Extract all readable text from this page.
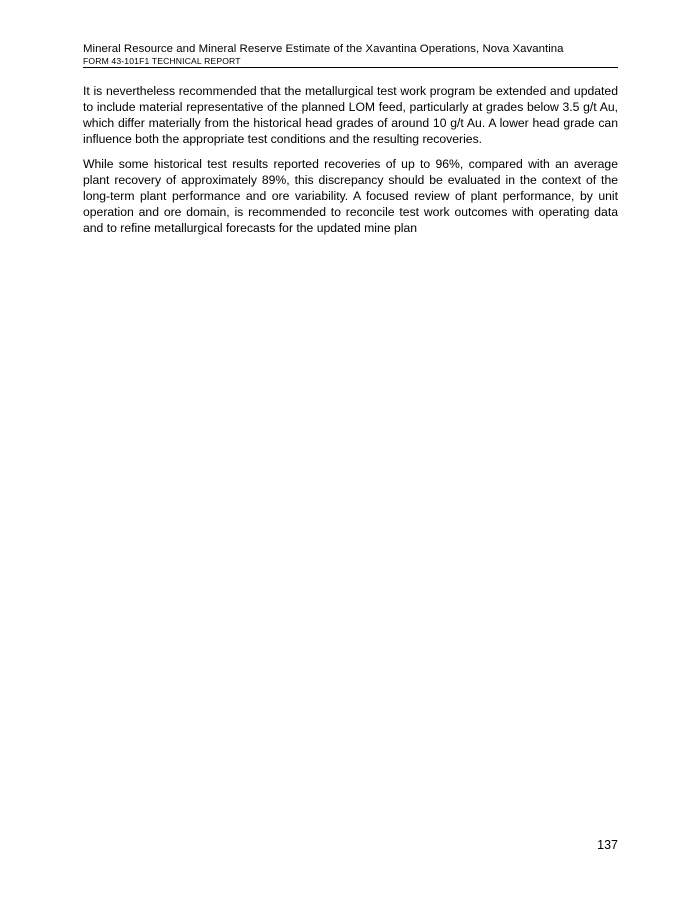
Mineral Resource and Mineral Reserve Estimate of the Xavantina Operations, Nova Xavantina
FORM 43-101F1 TECHNICAL REPORT

It is nevertheless recommended that the metallurgical test work program be extended and updated to include material representative of the planned LOM feed, particularly at grades below 3.5 g/t Au, which differ materially from the historical head grades of around 10 g/t Au. A lower head grade can influence both the appropriate test conditions and the resulting recoveries.

While some historical test results reported recoveries of up to 96%, compared with an average plant recovery of approximately 89%, this discrepancy should be evaluated in the context of the long-term plant performance and ore variability. A focused review of plant performance, by unit operation and ore domain, is recommended to reconcile test work outcomes with operating data and to refine metallurgical forecasts for the updated mine plan

137
